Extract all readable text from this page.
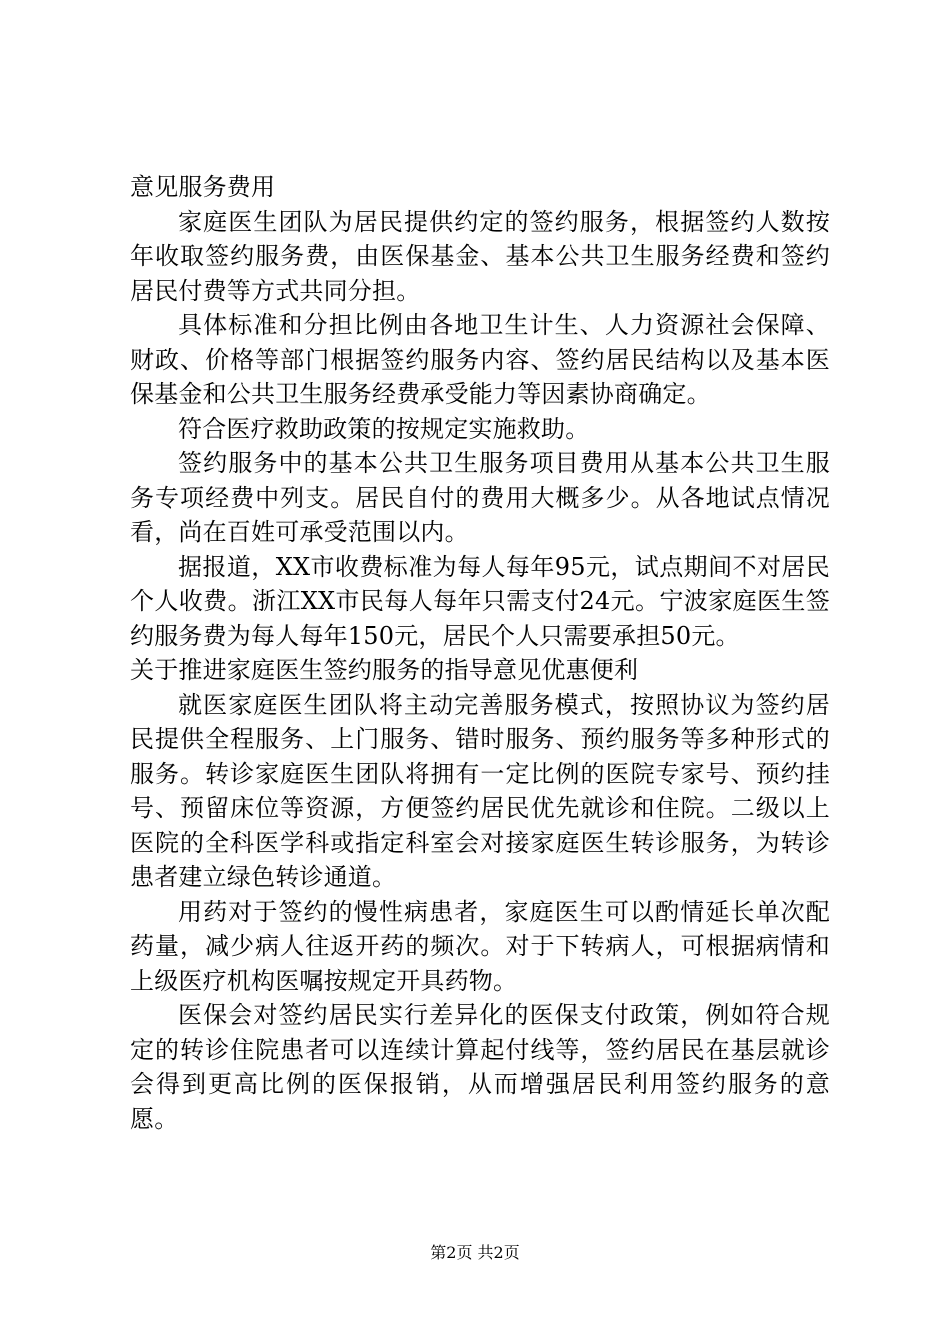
意见服务费用

家庭医生团队为居民提供约定的签约服务，根据签约人数按年收取签约服务费，由医保基金、基本公共卫生服务经费和签约居民付费等方式共同分担。

具体标准和分担比例由各地卫生计生、人力资源社会保障、财政、价格等部门根据签约服务内容、签约居民结构以及基本医保基金和公共卫生服务经费承受能力等因素协商确定。

符合医疗救助政策的按规定实施救助。

签约服务中的基本公共卫生服务项目费用从基本公共卫生服务专项经费中列支。居民自付的费用大概多少。从各地试点情况看，尚在百姓可承受范围以内。

据报道，XX市收费标准为每人每年95元，试点期间不对居民个人收费。浙江XX市民每人每年只需支付24元。宁波家庭医生签约服务费为每人每年150元，居民个人只需要承担50元。

关于推进家庭医生签约服务的指导意见优惠便利

就医家庭医生团队将主动完善服务模式，按照协议为签约居民提供全程服务、上门服务、错时服务、预约服务等多种形式的服务。转诊家庭医生团队将拥有一定比例的医院专家号、预约挂号、预留床位等资源，方便签约居民优先就诊和住院。二级以上医院的全科医学科或指定科室会对接家庭医生转诊服务，为转诊患者建立绿色转诊通道。

用药对于签约的慢性病患者，家庭医生可以酌情延长单次配药量，减少病人往返开药的频次。对于下转病人，可根据病情和上级医疗机构医嘱按规定开具药物。

医保会对签约居民实行差异化的医保支付政策，例如符合规定的转诊住院患者可以连续计算起付线等，签约居民在基层就诊会得到更高比例的医保报销，从而增强居民利用签约服务的意愿。

第2页 共2页
